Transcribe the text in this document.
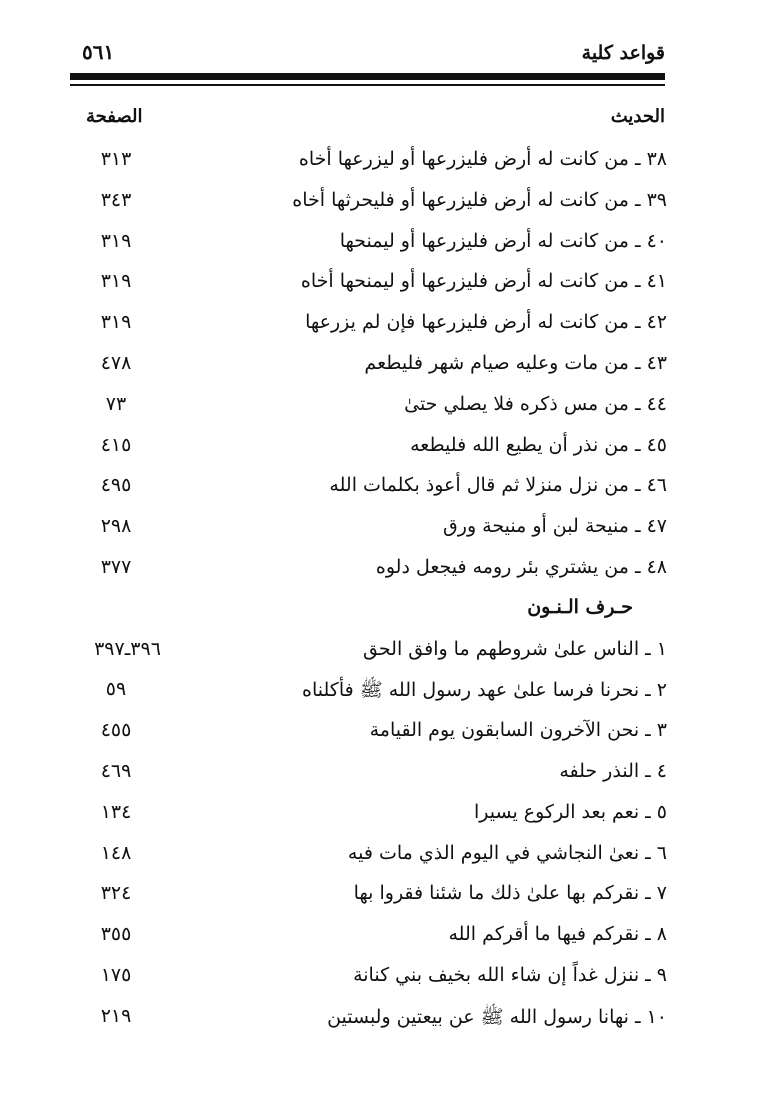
قواعد كلية
٥٦١
الحديث
الصفحة
٣٨ ـ من كانت له أرض فليزرعها أو ليزرعها أخاه
٣١٣
٣٩ ـ من كانت له أرض فليزرعها أو فليحرثها أخاه
٣٤٣
٤٠ ـ من كانت له أرض فليزرعها أو ليمنحها
٣١٩
٤١ ـ من كانت له أرض فليزرعها أو ليمنحها أخاه
٣١٩
٤٢ ـ من كانت له أرض فليزرعها فإن لم يزرعها
٣١٩
٤٣ ـ من مات وعليه صيام شهر فليطعم
٤٧٨
٤٤ ـ من مس ذكره فلا يصلي حتىٰ
٧٣
٤٥ ـ من نذر أن يطيع الله فليطعه
٤١٥
٤٦ ـ من نزل منزلا ثم قال أعوذ بكلمات الله
٤٩٥
٤٧ ـ منيحة لبن أو منيحة ورق
٢٩٨
٤٨ ـ من يشتري بئر رومه فيجعل دلوه
٣٧٧
حـرف الـنـون
١ ـ الناس علىٰ شروطهم ما وافق الحق
٣٩٦ـ٣٩٧
٢ ـ نحرنا فرسا علىٰ عهد رسول الله ﷺ فأكلناه
٥٩
٣ ـ نحن الآخرون السابقون يوم القيامة
٤٥٥
٤ ـ النذر حلفه
٤٦٩
٥ ـ نعم بعد الركوع يسيرا
١٣٤
٦ ـ نعىٰ النجاشي في اليوم الذي مات فيه
١٤٨
٧ ـ نقركم بها علىٰ ذلك ما شئنا فقروا بها
٣٢٤
٨ ـ نقركم فيها ما أقركم الله
٣٥٥
٩ ـ ننزل غداً إن شاء الله بخيف بني كنانة
١٧٥
١٠ ـ نهانا رسول الله ﷺ عن بيعتين ولبستين
٢١٩
